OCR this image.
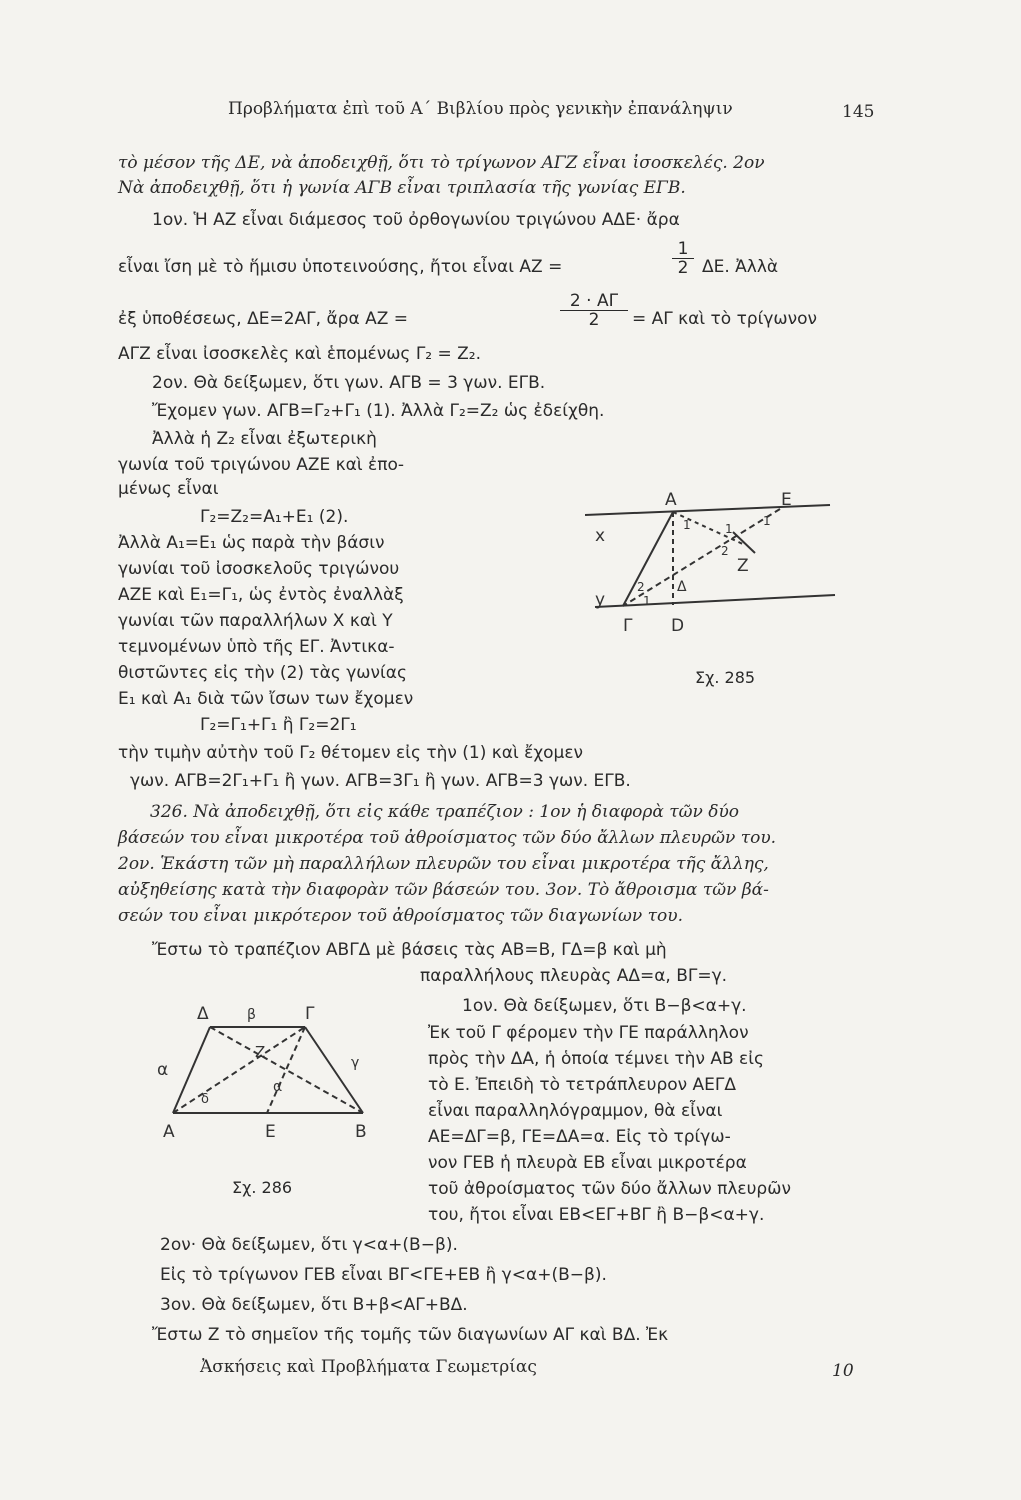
Προβλήματα ἐπὶ τοῦ Α΄ Βιβλίου πρὸς γενικὴν ἐπανάληψιν	145
τὸ μέσον τῆς ΔΕ, νὰ ἀποδειχθῇ, ὅτι τὸ τρίγωνον ΑΓΖ εἶναι ἰσοσκελές. 2ον
Νὰ ἀποδειχθῇ, ὅτι ἡ γωνία ΑΓΒ εἶναι τριπλασία τῆς γωνίας ΕΓΒ.
1ον. Ἡ ΑΖ εἶναι διάμεσος τοῦ ὀρθογωνίου τριγώνου ΑΔΕ· ἄρα
εἶναι ἴση μὲ τὸ ἥμισυ ὑποτεινούσης, ἤτοι εἶναι ΑΖ =
1
2 ΔΕ. Ἀλλὰ
ἐξ ὑποθέσεως, ΔΕ=2ΑΓ, ἄρα ΑΖ =
2 · ΑΓ
2	= ΑΓ καὶ τὸ τρίγωνον
ΑΓΖ εἶναι ἰσοσκελὲς καὶ ἑπομένως Γ₂ = Ζ₂.
2ον. Θὰ δείξωμεν, ὅτι γων. ΑΓΒ = 3 γων. ΕΓΒ.
Ἔχομεν γων. ΑΓΒ=Γ₂+Γ₁ (1). Ἀλλὰ Γ₂=Ζ₂ ὡς ἐδείχθη.
Ἀλλὰ ἡ Ζ₂ εἶναι ἐξωτερικὴ
γωνία τοῦ τριγώνου ΑΖΕ καὶ ἐπο-
μένως εἶναι
Γ₂=Ζ₂=Α₁+Ε₁ (2).
Ἀλλὰ Α₁=Ε₁ ὡς παρὰ τὴν βάσιν
γωνίαι τοῦ ἰσοσκελοῦς τριγώνου
ΑΖΕ καὶ Ε₁=Γ₁, ὡς ἐντὸς ἐναλλὰξ
γωνίαι τῶν παραλλήλων Χ καὶ Υ
τεμνομένων ὑπὸ τῆς ΕΓ. Ἀντικα-
θιστῶντες εἰς τὴν (2) τὰς γωνίας
Ε₁ καὶ Α₁ διὰ τῶν ἴσων των ἔχομεν
Γ₂=Γ₁+Γ₁ ἢ Γ₂=2Γ₁
τὴν τιμὴν αὐτὴν τοῦ Γ₂ θέτομεν εἰς τὴν (1) καὶ ἔχομεν
γων. ΑΓΒ=2Γ₁+Γ₁ ἢ γων. ΑΓΒ=3Γ₁ ἢ γων. ΑΓΒ=3 γων. ΕΓΒ.
Α	Ε
x
y
Γ D
Z
Δ
1	1
1
1
2
2
Σχ. 285
326. Νὰ ἀποδειχθῇ, ὅτι εἰς κάθε τραπέζιον : 1ον ἡ διαφορὰ τῶν δύο
βάσεών του εἶναι μικροτέρα τοῦ ἀθροίσματος τῶν δύο ἄλλων πλευρῶν του.
2ον. Ἑκάστη τῶν μὴ παραλλήλων πλευρῶν του εἶναι μικροτέρα τῆς ἄλλης,
αὐξηθείσης κατὰ τὴν διαφορὰν τῶν βάσεών του. 3ον. Τὸ ἄθροισμα τῶν βά-
σεών του εἶναι μικρότερον τοῦ ἀθροίσματος τῶν διαγωνίων του.
Ἔστω τὸ τραπέζιον ΑΒΓΔ μὲ βάσεις τὰς ΑΒ=Β, ΓΔ=β καὶ μὴ
παραλλήλους πλευρὰς ΑΔ=α, ΒΓ=γ.
1ον. Θὰ δείξωμεν, ὅτι Β−β<α+γ.
Ἐκ τοῦ Γ φέρομεν τὴν ΓΕ παράλληλον
πρὸς τὴν ΔΑ, ἡ ὁποία τέμνει τὴν ΑΒ εἰς
τὸ Ε. Ἐπειδὴ τὸ τετράπλευρον ΑΕΓΔ
εἶναι παραλληλόγραμμον, θὰ εἶναι
ΑΕ=ΔΓ=β, ΓΕ=ΔΑ=α. Εἰς τὸ τρίγω-
νον ΓΕΒ ἡ πλευρὰ ΕΒ εἶναι μικροτέρα
τοῦ ἀθροίσματος τῶν δύο ἄλλων πλευρῶν
του, ἤτοι εἶναι ΕΒ<ΕΓ+ΒΓ ἢ Β−β<α+γ.
2ον· Θὰ δείξωμεν, ὅτι γ<α+(Β−β).
Εἰς τὸ τρίγωνον ΓΕΒ εἶναι ΒΓ<ΓΕ+ΕΒ ἢ γ<α+(Β−β).
3ον. Θὰ δείξωμεν, ὅτι Β+β<ΑΓ+ΒΔ.
Ἔστω Ζ τὸ σημεῖον τῆς τομῆς τῶν διαγωνίων ΑΓ καὶ ΒΔ. Ἐκ
Δ	β	Γ
α
Z
γ
δ
α
Α	Ε	Β
Σχ. 286
Ἀσκήσεις καὶ Προβλήματα Γεωμετρίας	10
